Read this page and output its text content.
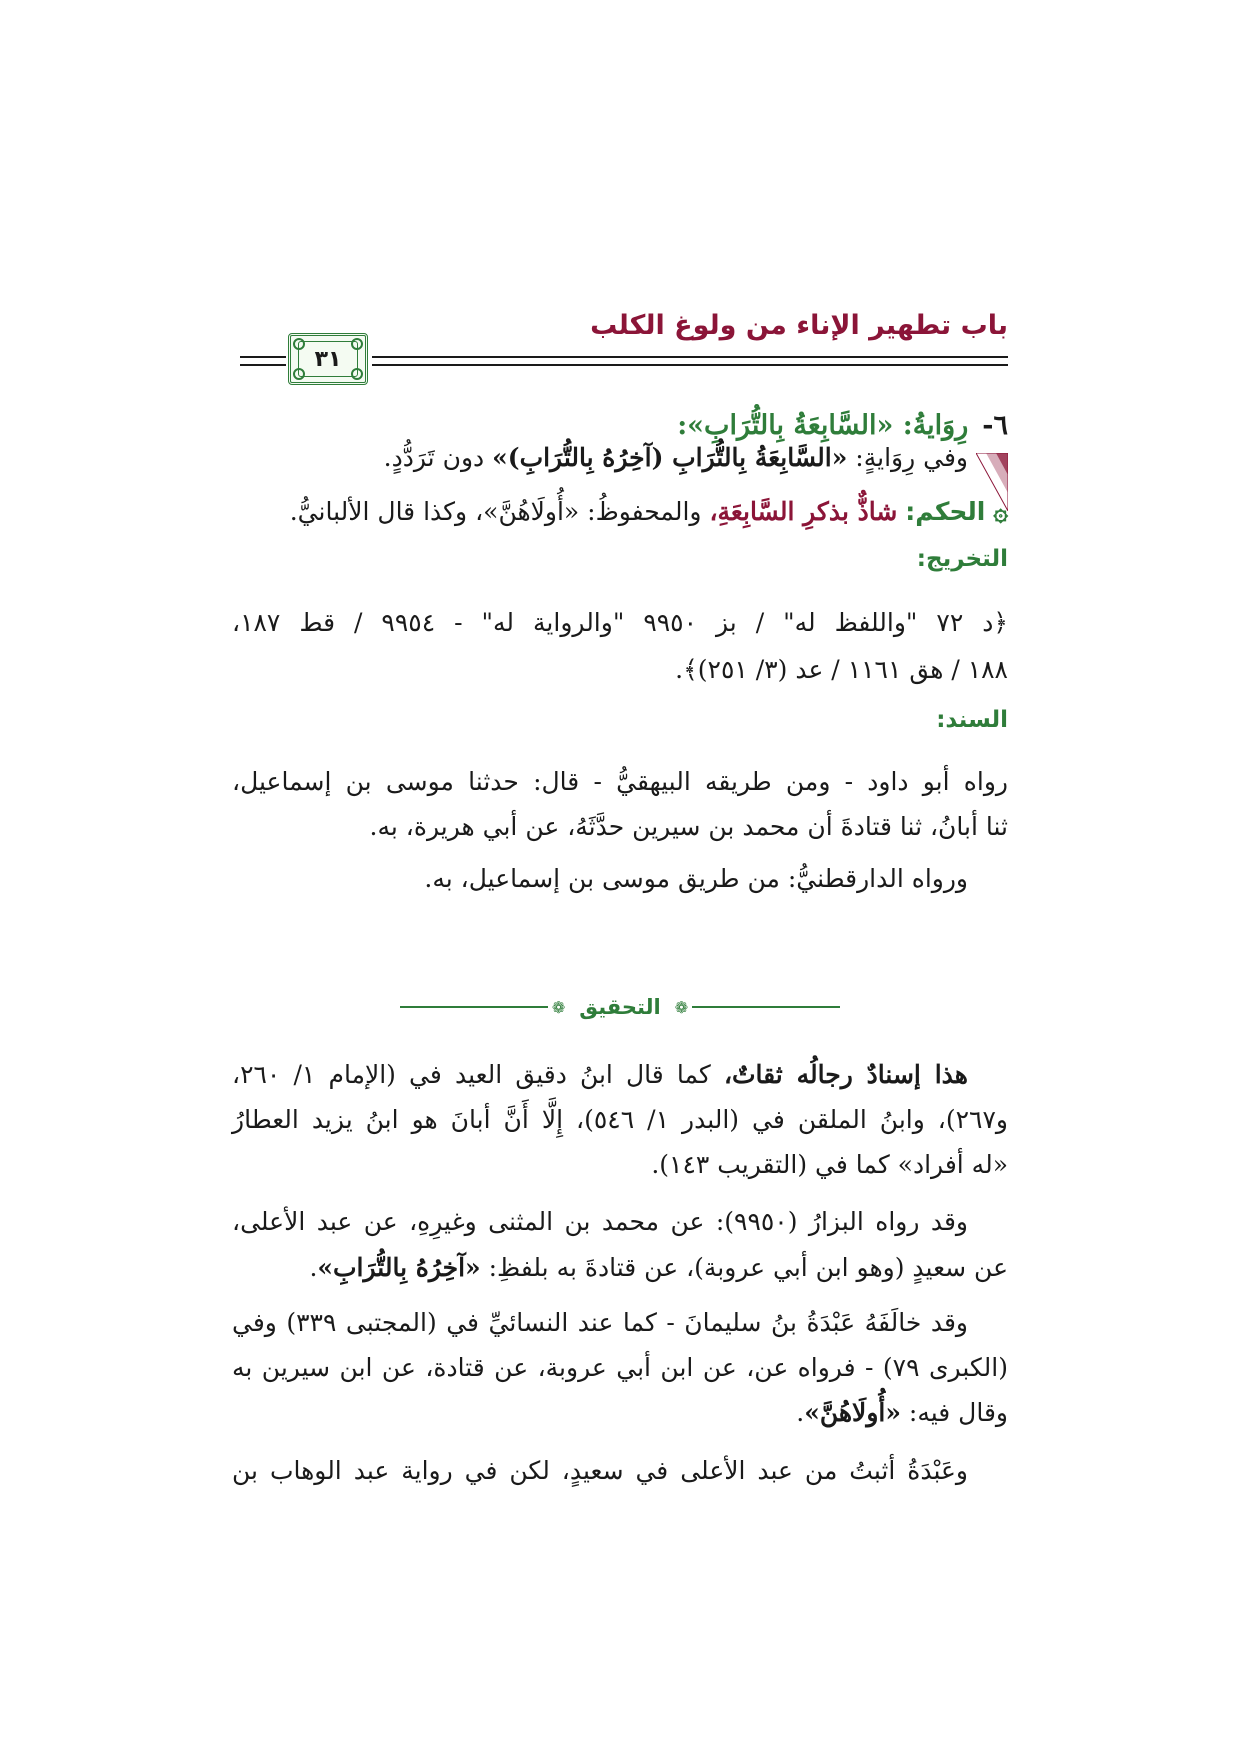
باب تطهير الإناء من ولوغ الكلب
٣١
٦-رِوَايةُ: «السَّابِعَةُ بِالتُّرَابِ»:
وفي رِوَايةٍ: «السَّابِعَةُ بِالتُّرَابِ (آخِرُهُ بِالتُّرَابِ)» دون تَرَدُّدٍ.
۞ الحكم: شاذٌّ بذكرِ السَّابِعَةِ، والمحفوظُ: «أُولَاهُنَّ»، وكذا قال الألبانيُّ.
التخريج:
﴿د ٧٢ "واللفظ له" / بز ٩٩٥٠ "والرواية له" - ٩٩٥٤ / قط ١٨٧،
١٨٨ / هق ١١٦١ / عد (٣/ ٢٥١)﴾.
السند:
رواه أبو داود - ومن طريقه البيهقيُّ - قال: حدثنا موسى بن إسماعيل،
ثنا أبانُ، ثنا قتادةَ أن محمد بن سيرين حدَّثَهُ، عن أبي هريرة، به.
ورواه الدارقطنيُّ: من طريق موسى بن إسماعيل، به.
❁
التحقيق
❁
هذا إسنادٌ رجالُه ثقاتٌ، كما قال ابنُ دقيق العيد في (الإمام ١/ ٢٦٠،
و٢٦٧)، وابنُ الملقن في (البدر ١/ ٥٤٦)، إِلَّا أَنَّ أبانَ هو ابنُ يزيد العطارُ
«له أفراد» كما في (التقريب ١٤٣).
وقد رواه البزارُ (٩٩٥٠): عن محمد بن المثنى وغيرِهِ، عن عبد الأعلى،
عن سعيدٍ (وهو ابن أبي عروبة)، عن قتادةَ به بلفظِ: «آخِرُهُ بِالتُّرَابِ».
وقد خالَفَهُ عَبْدَةُ بنُ سليمانَ - كما عند النسائيِّ في (المجتبى ٣٣٩) وفي
(الكبرى ٧٩) - فرواه عن، عن ابن أبي عروبة، عن قتادة، عن ابن سيرين به
وقال فيه: «أُولَاهُنَّ».
وعَبْدَةُ أثبتُ من عبد الأعلى في سعيدٍ، لكن في رواية عبد الوهاب بن
